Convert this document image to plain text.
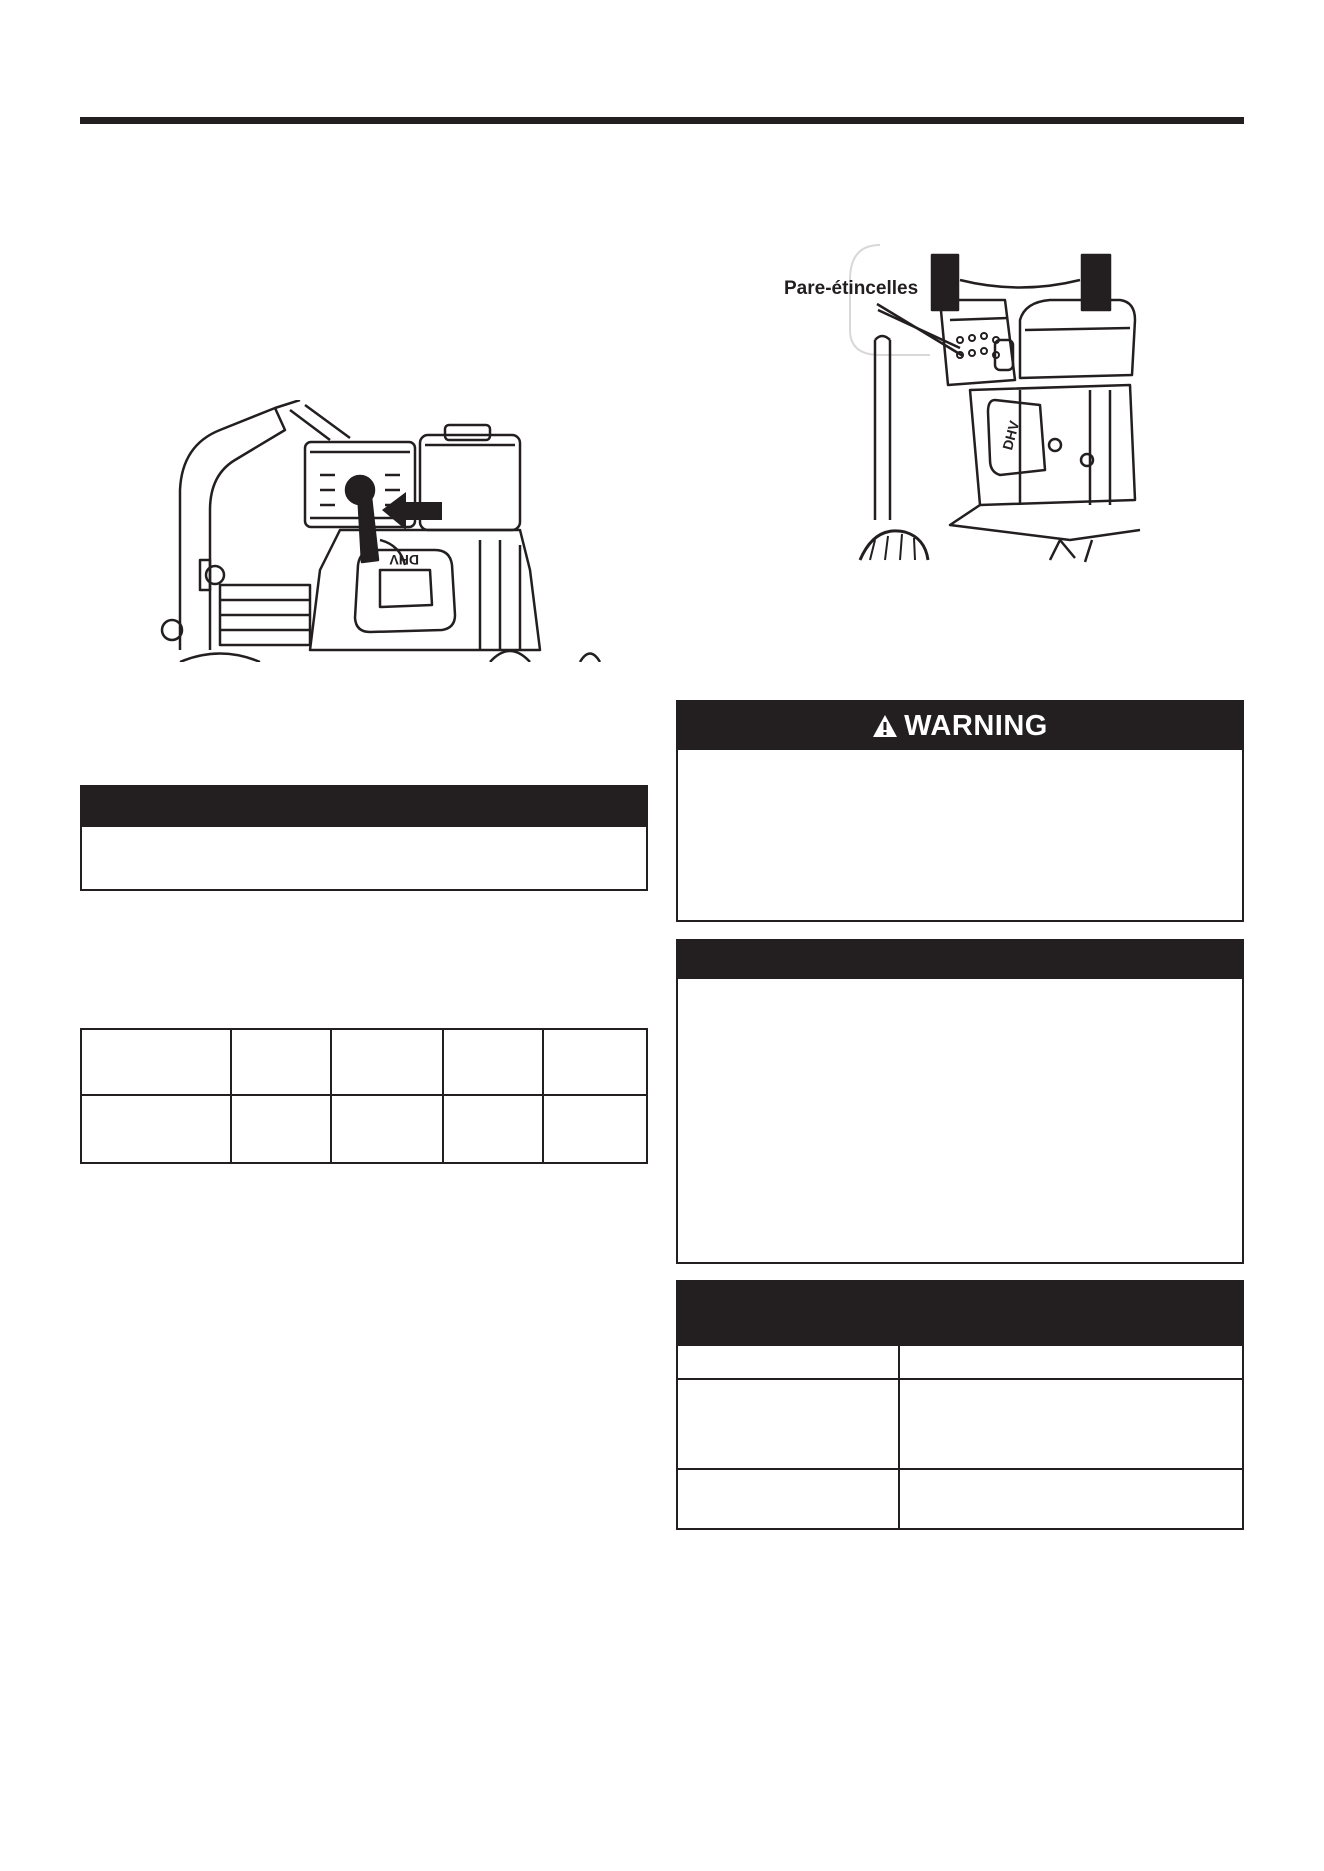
DHV
DHV
Pare-étincelles

WARNING
